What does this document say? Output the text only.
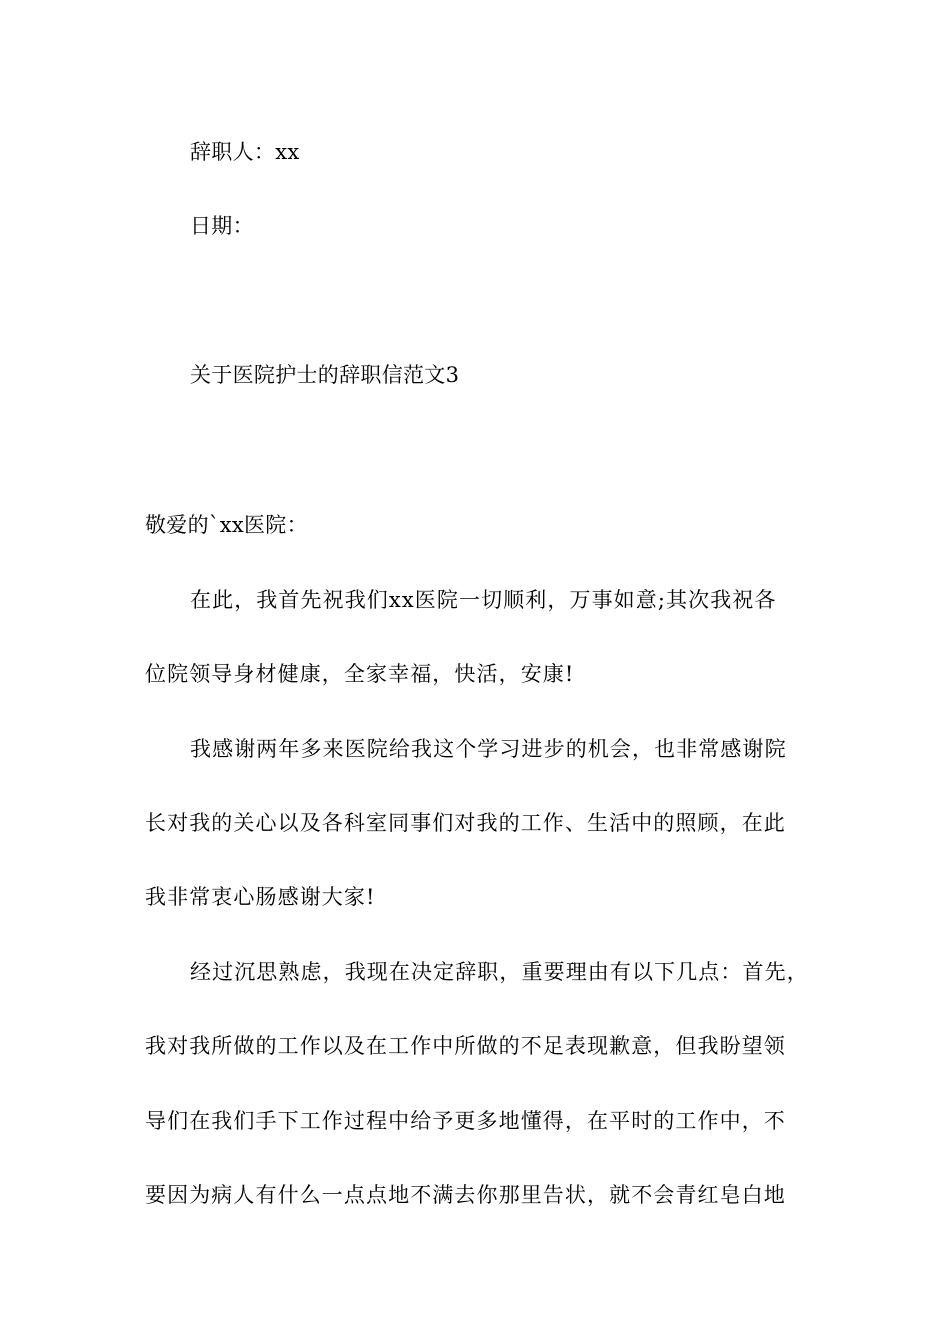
辞职人：xx
日期：
关于医院护士的辞职信范文3
敬爱的`xx医院：
在此，我首先祝我们xx医院一切顺利，万事如意;其次我祝各
位院领导身材健康，全家幸福，快活，安康!
我感谢两年多来医院给我这个学习进步的机会，也非常感谢院
长对我的关心以及各科室同事们对我的工作、生活中的照顾，在此
我非常衷心肠感谢大家!
经过沉思熟虑，我现在决定辞职，重要理由有以下几点：首先，
我对我所做的工作以及在工作中所做的不足表现歉意，但我盼望领
导们在我们手下工作过程中给予更多地懂得，在平时的工作中，不
要因为病人有什么一点点地不满去你那里告状，就不会青红皂白地
